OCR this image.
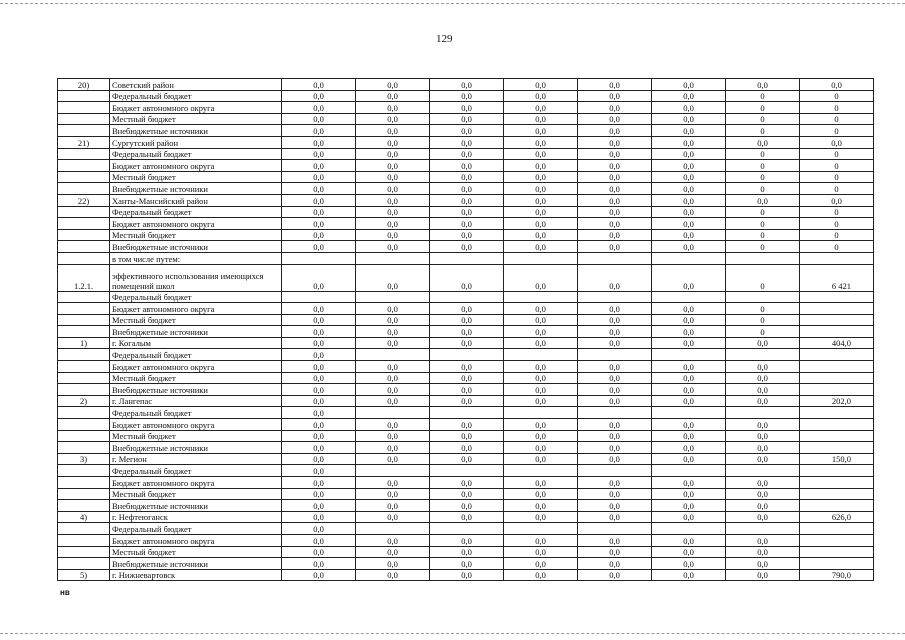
129
20)	Советский район	0,0	0,0	0,0	0,0	0,0	0,0	0,0	0,0
	Федеральный бюджет	0,0	0,0	0,0	0,0	0,0	0,0	0	0
	Бюджет автономного округа	0,0	0,0	0,0	0,0	0,0	0,0	0	0
	Местный бюджет	0,0	0,0	0,0	0,0	0,0	0,0	0	0
	Внебюджетные источники	0,0	0,0	0,0	0,0	0,0	0,0	0	0
21)	Сургутский район	0,0	0,0	0,0	0,0	0,0	0,0	0,0	0,0
	Федеральный бюджет	0,0	0,0	0,0	0,0	0,0	0,0	0	0
	Бюджет автономного округа	0,0	0,0	0,0	0,0	0,0	0,0	0	0
	Местный бюджет	0,0	0,0	0,0	0,0	0,0	0,0	0	0
	Внебюджетные источники	0,0	0,0	0,0	0,0	0,0	0,0	0	0
22)	Ханты-Мансийский район	0,0	0,0	0,0	0,0	0,0	0,0	0,0	0,0
	Федеральный бюджет	0,0	0,0	0,0	0,0	0,0	0,0	0	0
	Бюджет автономного округа	0,0	0,0	0,0	0,0	0,0	0,0	0	0
	Местный бюджет	0,0	0,0	0,0	0,0	0,0	0,0	0	0
	Внебюджетные источники	0,0	0,0	0,0	0,0	0,0	0,0	0	0
	в том числе путем:								
1.2.1.	эффективного использования имеющихся помещений школ	0,0	0,0	0,0	0,0	0,0	0,0	0	6 421
	Федеральный бюджет								
	Бюджет автономного округа	0,0	0,0	0,0	0,0	0,0	0,0	0	
	Местный бюджет	0,0	0,0	0,0	0,0	0,0	0,0	0	
	Внебюджетные источники	0,0	0,0	0,0	0,0	0,0	0,0	0	
1)	г. Когалым	0,0	0,0	0,0	0,0	0,0	0,0	0,0	404,0
	Федеральный бюджет	0,0							
	Бюджет автономного округа	0,0	0,0	0,0	0,0	0,0	0,0	0,0	
	Местный бюджет	0,0	0,0	0,0	0,0	0,0	0,0	0,0	
	Внебюджетные источники	0,0	0,0	0,0	0,0	0,0	0,0	0,0	
2)	г. Лангепас	0,0	0,0	0,0	0,0	0,0	0,0	0,0	202,0
	Федеральный бюджет	0,0							
	Бюджет автономного округа	0,0	0,0	0,0	0,0	0,0	0,0	0,0	
	Местный бюджет	0,0	0,0	0,0	0,0	0,0	0,0	0,0	
	Внебюджетные источники	0,0	0,0	0,0	0,0	0,0	0,0	0,0	
3)	г. Мегион	0,0	0,0	0,0	0,0	0,0	0,0	0,0	150,0
	Федеральный бюджет	0,0							
	Бюджет автономного округа	0,0	0,0	0,0	0,0	0,0	0,0	0,0	
	Местный бюджет	0,0	0,0	0,0	0,0	0,0	0,0	0,0	
	Внебюджетные источники	0,0	0,0	0,0	0,0	0,0	0,0	0,0	
4)	г. Нефтеюганск	0,0	0,0	0,0	0,0	0,0	0,0	0,0	626,0
	Федеральный бюджет	0,0							
	Бюджет автономного округа	0,0	0,0	0,0	0,0	0,0	0,0	0,0	
	Местный бюджет	0,0	0,0	0,0	0,0	0,0	0,0	0,0	
	Внебюджетные источники	0,0	0,0	0,0	0,0	0,0	0,0	0,0	
5)	г. Нижневартовск	0,0	0,0	0,0	0,0	0,0	0,0	0,0	790,0
нв
